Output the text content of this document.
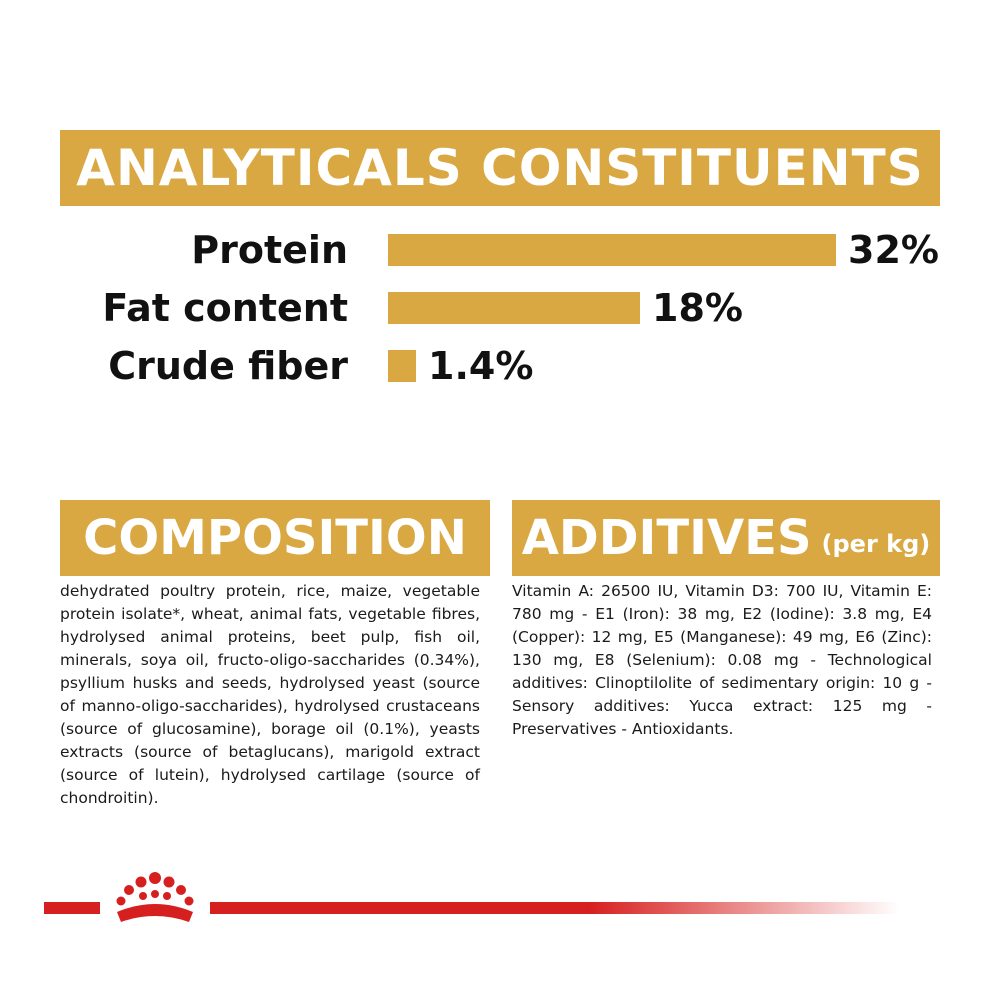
ANALYTICALS CONSTITUENTS
Protein	32%
Fat content	18%
Crude fiber 1.4%
COMPOSITION
dehydrated poultry protein, rice, maize, vegetable protein isolate*, wheat, animal fats, vegetable fibres, hydrolysed animal proteins, beet pulp, fish oil, minerals, soya oil, fructo-oligo-saccharides (0.34%), psyllium husks and seeds, hydrolysed yeast (source of manno-oligo-saccharides), hydrolysed crustaceans (source of glucosamine), borage oil (0.1%), yeasts extracts (source of betaglucans), marigold extract (source of lutein), hydrolysed cartilage (source of chondroitin).
ADDITIVES (per kg)
Vitamin A: 26500 IU, Vitamin D3: 700 IU, Vitamin E: 780 mg - E1 (Iron): 38 mg, E2 (Iodine): 3.8 mg, E4 (Copper): 12 mg, E5 (Manganese): 49 mg, E6 (Zinc): 130 mg, E8 (Selenium): 0.08 mg - Technological additives: Clinoptilolite of sedimentary origin: 10 g - Sensory additives: Yucca extract: 125 mg - Preservatives - Antioxidants.
